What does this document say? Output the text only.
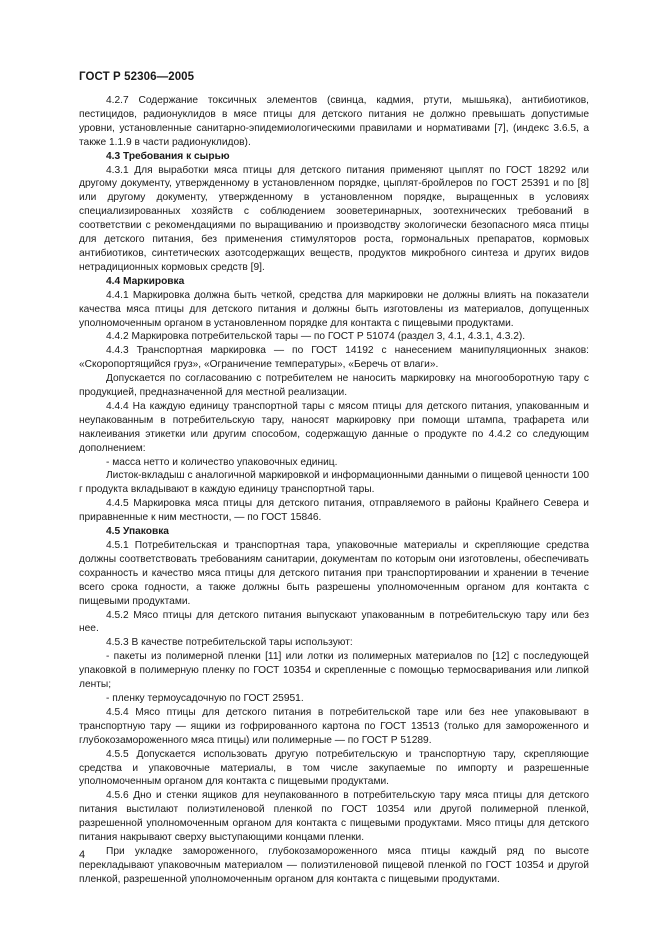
ГОСТ Р 52306—2005

4.2.7 Содержание токсичных элементов (свинца, кадмия, ртути, мышьяка), антибиотиков, пестицидов, радионуклидов в мясе птицы для детского питания не должно превышать допустимые уровни, установленные санитарно-эпидемиологическими правилами и нормативами [7], (индекс 3.6.5, а также 1.1.9 в части радионуклидов).

4.3 Требования к сырью

4.3.1 Для выработки мяса птицы для детского питания применяют цыплят по ГОСТ 18292 или другому документу, утвержденному в установленном порядке, цыплят-бройлеров по ГОСТ 25391 и по [8] или другому документу, утвержденному в установленном порядке, выращенных в условиях специализированных хозяйств с соблюдением зооветеринарных, зоотехнических требований в соответствии с рекомендациями по выращиванию и производству экологически безопасного мяса птицы для детского питания, без применения стимуляторов роста, гормональных препаратов, кормовых антибиотиков, синтетических азотсодержащих веществ, продуктов микробного синтеза и других видов нетрадиционных кормовых средств [9].

4.4 Маркировка

4.4.1 Маркировка должна быть четкой, средства для маркировки не должны влиять на показатели качества мяса птицы для детского питания и должны быть изготовлены из материалов, допущенных уполномоченным органом в установленном порядке для контакта с пищевыми продуктами.

4.4.2 Маркировка потребительской тары — по ГОСТ Р 51074 (раздел 3, 4.1, 4.3.1, 4.3.2).

4.4.3 Транспортная маркировка — по ГОСТ 14192 с нанесением манипуляционных знаков: «Скоропортящийся груз», «Ограничение температуры», «Беречь от влаги».

Допускается по согласованию с потребителем не наносить маркировку на многооборотную тару с продукцией, предназначенной для местной реализации.

4.4.4 На каждую единицу транспортной тары с мясом птицы для детского питания, упакованным и неупакованным в потребительскую тару, наносят маркировку при помощи штампа, трафарета или наклеивания этикетки или другим способом, содержащую данные о продукте по 4.4.2 со следующим дополнением:

- масса нетто и количество упаковочных единиц.

Листок-вкладыш с аналогичной маркировкой и информационными данными о пищевой ценности 100 г продукта вкладывают в каждую единицу транспортной тары.

4.4.5 Маркировка мяса птицы для детского питания, отправляемого в районы Крайнего Севера и приравненные к ним местности, — по ГОСТ 15846.

4.5 Упаковка

4.5.1 Потребительская и транспортная тара, упаковочные материалы и скрепляющие средства должны соответствовать требованиям санитарии, документам по которым они изготовлены, обеспечивать сохранность и качество мяса птицы для детского питания при транспортировании и хранении в течение всего срока годности, а также должны быть разрешены уполномоченным органом для контакта с пищевыми продуктами.

4.5.2 Мясо птицы для детского питания выпускают упакованным в потребительскую тару или без нее.

4.5.3 В качестве потребительской тары используют:

- пакеты из полимерной пленки [11] или лотки из полимерных материалов по [12] с последующей упаковкой в полимерную пленку по ГОСТ 10354 и скрепленные с помощью термосваривания или липкой ленты;

- пленку термоусадочную по ГОСТ 25951.

4.5.4 Мясо птицы для детского питания в потребительской таре или без нее упаковывают в транспортную тару — ящики из гофрированного картона по ГОСТ 13513 (только для замороженного и глубокозамороженного мяса птицы) или полимерные — по ГОСТ Р 51289.

4.5.5 Допускается использовать другую потребительскую и транспортную тару, скрепляющие средства и упаковочные материалы, в том числе закупаемые по импорту и разрешенные уполномоченным органом для контакта с пищевыми продуктами.

4.5.6 Дно и стенки ящиков для неупакованного в потребительскую тару мяса птицы для детского питания выстилают полиэтиленовой пленкой по ГОСТ 10354 или другой полимерной пленкой, разрешенной уполномоченным органом для контакта с пищевыми продуктами. Мясо птицы для детского питания накрывают сверху выступающими концами пленки.

При укладке замороженного, глубокозамороженного мяса птицы каждый ряд по высоте перекладывают упаковочным материалом — полиэтиленовой пищевой пленкой по ГОСТ 10354 и другой пленкой, разрешенной уполномоченным органом для контакта с пищевыми продуктами.

4
